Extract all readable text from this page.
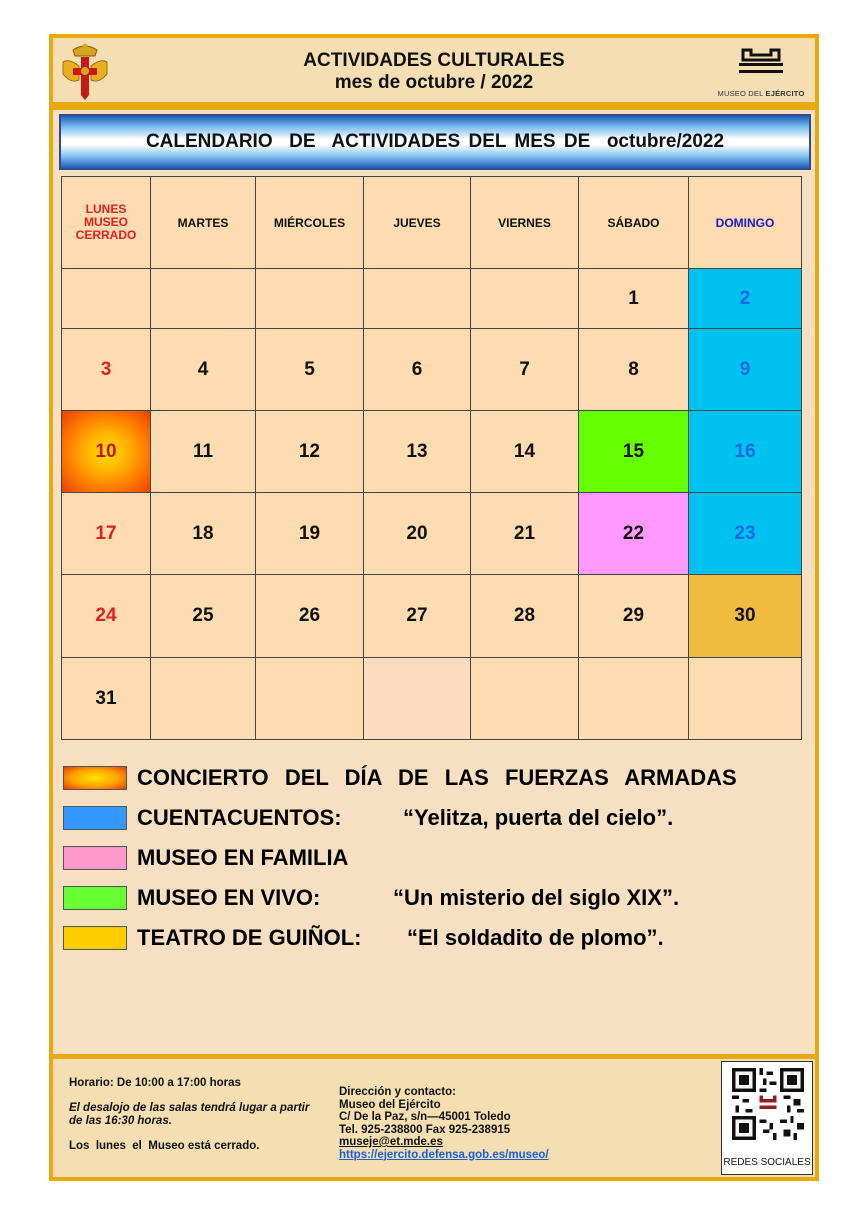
ACTIVIDADES CULTURALES
mes de octubre / 2022
MUSEO DEL EJÉRCITO
CALENDARIO  DE  ACTIVIDADES DEL MES DE  octubre/2022
LUNES
MUSEO
CERRADO	MARTES	MIÉRCOLES	JUEVES	VIERNES	SÁBADO	DOMINGO
					1	2
3	4	5	6	7	8	9
10	11	12	13	14	15	16
17	18	19	20	21	22	23
24	25	26	27	28	29	30
31						
CONCIERTO  DEL  DÍA  DE  LAS  FUERZAS  ARMADAS
CUENTACUENTOS:	“Yelitza, puerta del cielo”.
MUSEO EN FAMILIA
MUSEO EN VIVO:	“Un misterio del siglo XIX”.
TEATRO DE GUIÑOL: “El soldadito de plomo”.

Horario: De 10:00 a 17:00 horas

El desalojo de las salas tendrá lugar a partir de las 16:30 horas.

Los  lunes  el  Museo está cerrado.

Dirección y contacto:
Museo del Ejército
C/ De la Paz, s/n—45001 Toledo
Tel. 925-238800 Fax 925-238915
museje@et.mde.es
https://ejercito.defensa.gob.es/museo/
REDES SOCIALES
